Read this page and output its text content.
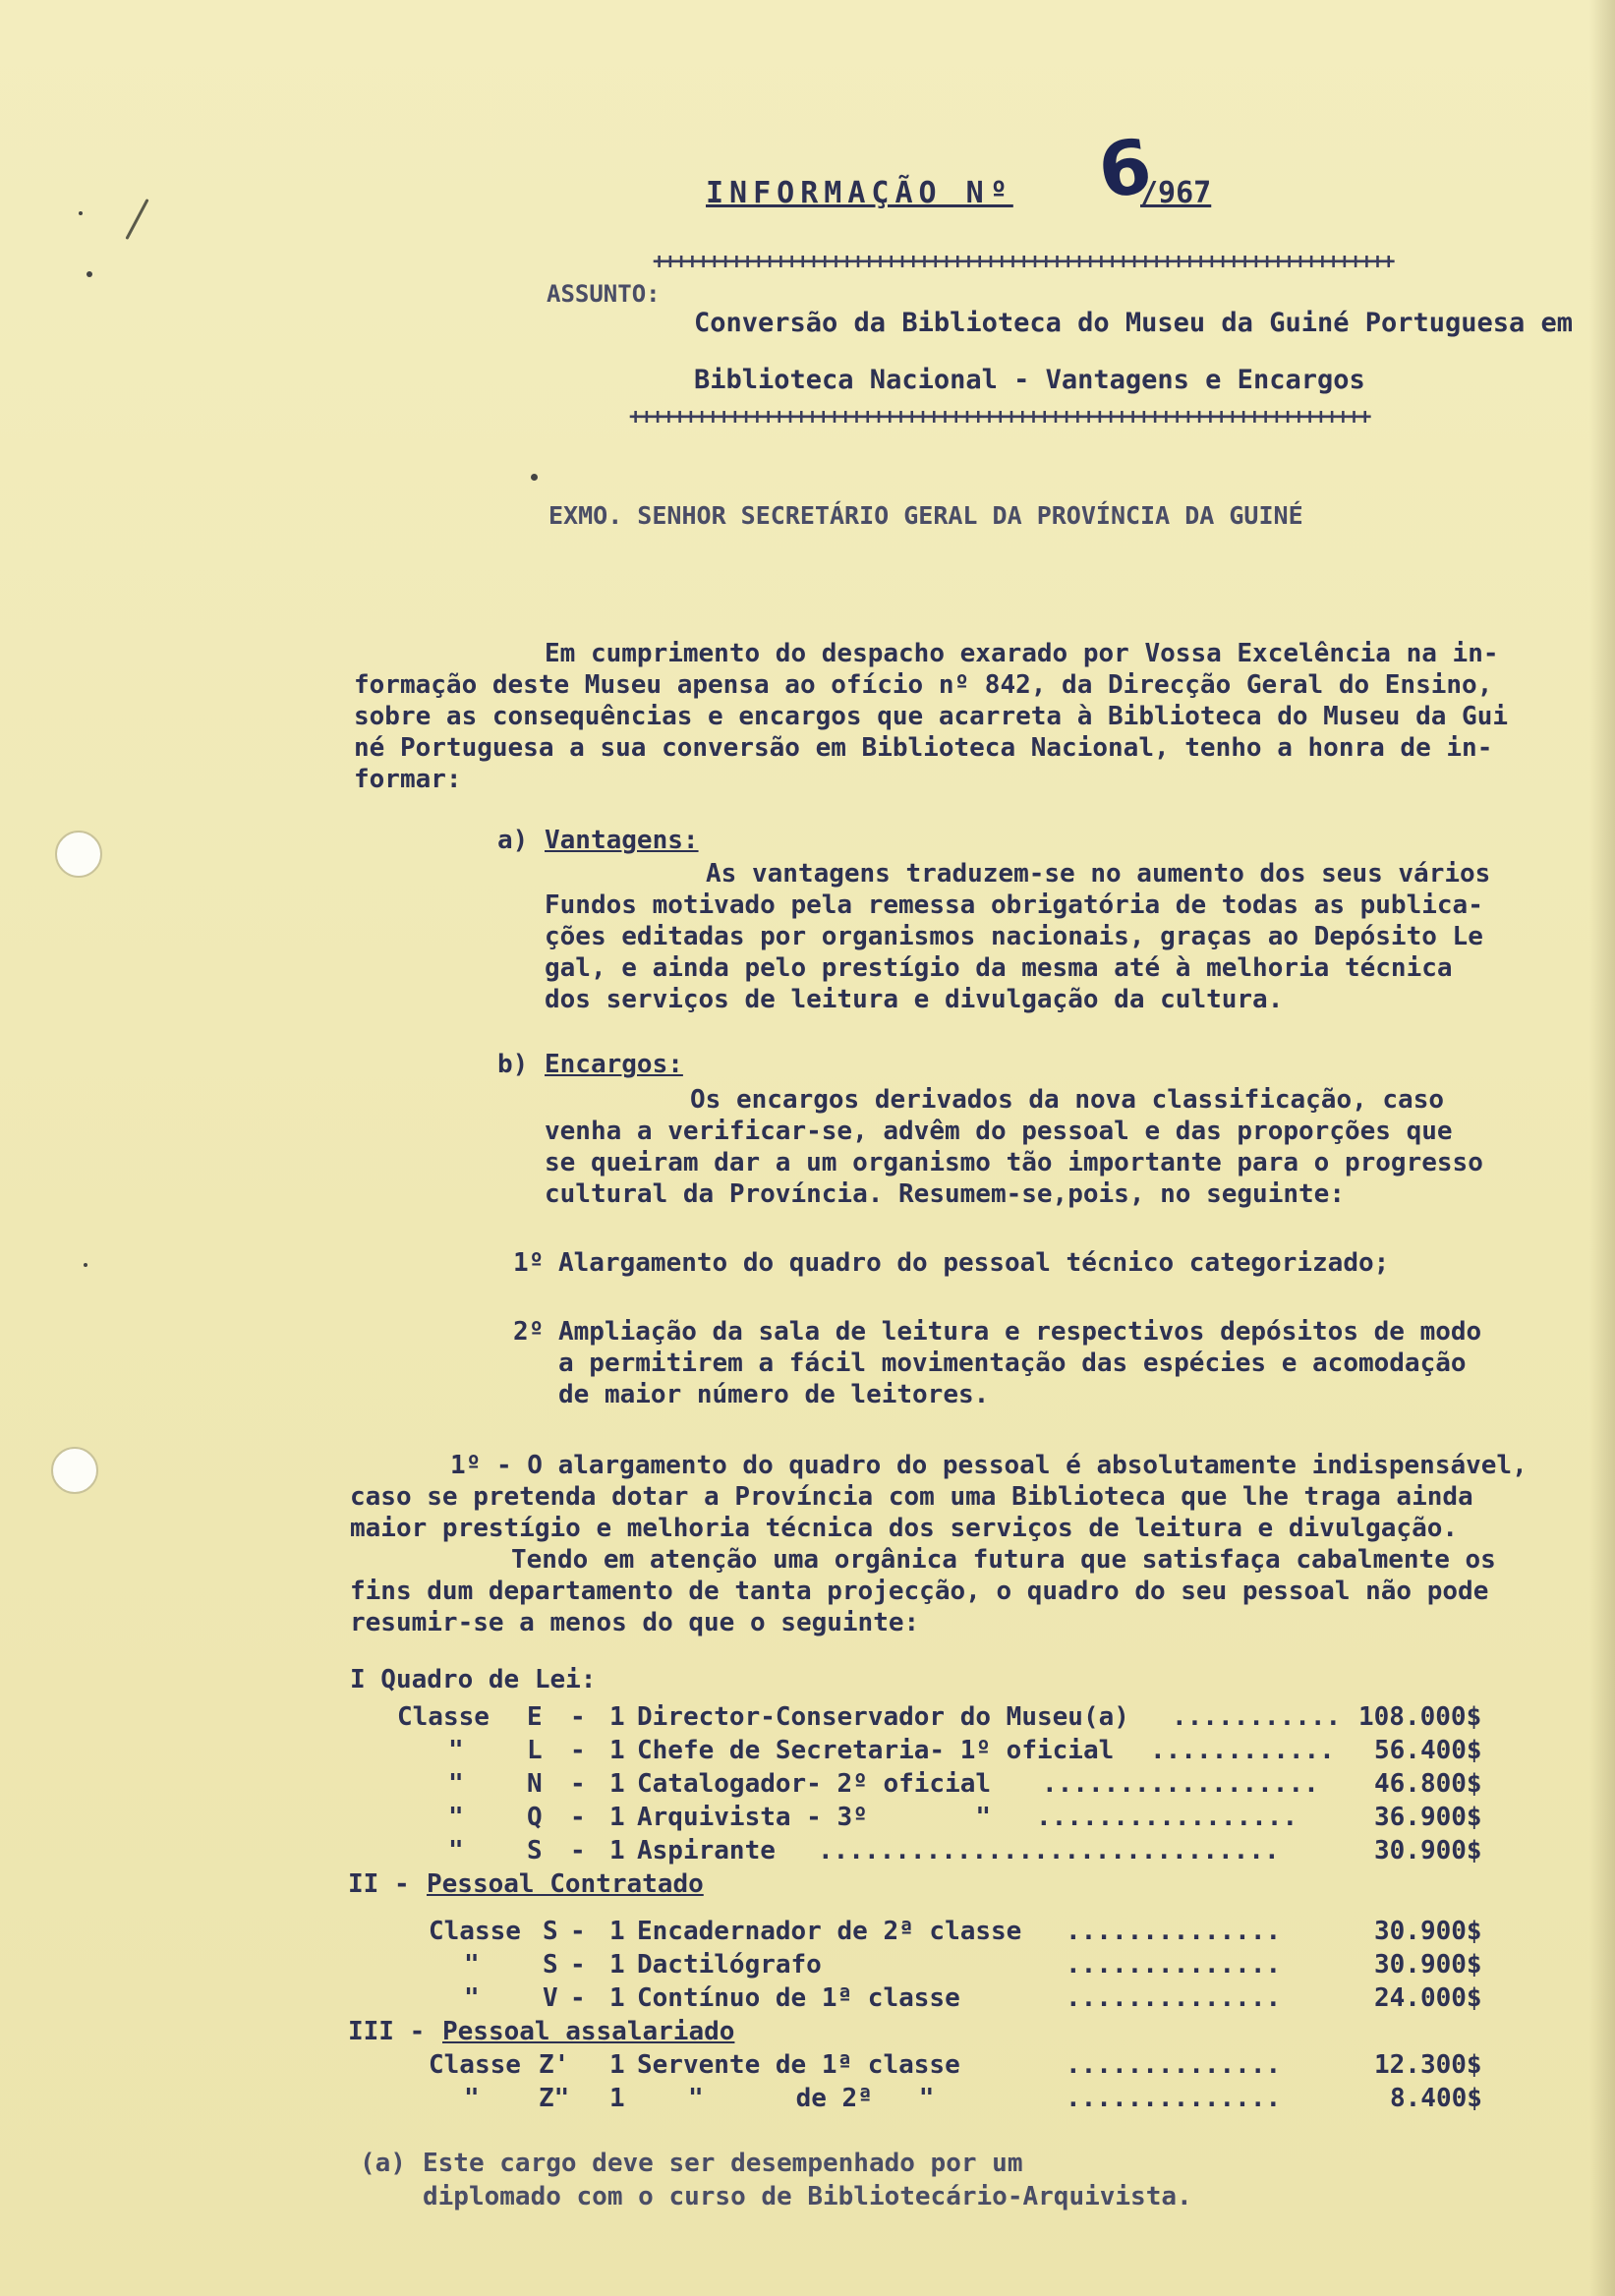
INFORMAÇÃO Nº 6
/967
+++++++++++++++++++++++++++++++++++++++++++++++++++++++++++++++++++
+++++++++++++++++++++++++++++++++++++++++++++++++++++++++++++++++++
ASSUNTO:
Conversão da Biblioteca do Museu da Guiné Portuguesa em
Biblioteca Nacional - Vantagens e Encargos
EXMO. SENHOR SECRETÁRIO GERAL DA PROVÍNCIA DA GUINÉ
Em cumprimento do despacho exarado por Vossa Excelência na in-
formação deste Museu apensa ao ofício nº 842, da Direcção Geral do Ensino,
sobre as consequências e encargos que acarreta à Biblioteca do Museu da Gui
né Portuguesa a sua conversão em Biblioteca Nacional, tenho a honra de in-
formar:
a) Vantagens:
As vantagens traduzem-se no aumento dos seus vários
Fundos motivado pela remessa obrigatória de todas as publica-
ções editadas por organismos nacionais, graças ao Depósito Le
gal, e ainda pelo prestígio da mesma até à melhoria técnica
dos serviços de leitura e divulgação da cultura.
b) Encargos:
Os encargos derivados da nova classificação, caso
venha a verificar-se, advêm do pessoal e das proporções que
se queiram dar a um organismo tão importante para o progresso
cultural da Província. Resumem-se,pois, no seguinte:
1º Alargamento do quadro do pessoal técnico categorizado;
2º Ampliação da sala de leitura e respectivos depósitos de modo
a permitirem a fácil movimentação das espécies e acomodação
de maior número de leitores.
1º - O alargamento do quadro do pessoal é absolutamente indispensável,
caso se pretenda dotar a Província com uma Biblioteca que lhe traga ainda
maior prestígio e melhoria técnica dos serviços de leitura e divulgação.
Tendo em atenção uma orgânica futura que satisfaça cabalmente os
fins dum departamento de tanta projecção, o quadro do seu pessoal não pode
resumir-se a menos do que o seguinte:
I Quadro de Lei:
Classe E - 1 Director-Conservador do Museu(a) ........... 108.000$
" L - 1 Chefe de Secretaria- 1º oficial ............ 56.400$
" N - 1 Catalogador- 2º oficial .................. 46.800$
" Q - 1 Arquivista - 3º       " .................	36.900$
" S - 1 Aspirante ..............................	30.900$
II - Pessoal Contratado
Classe S - 1 Encadernador de 2ª classe ..............	30.900$
" S - 1 Dactilógrafo	..............	30.900$
" V - 1 Contínuo de 1ª classe	..............	24.000$
III - Pessoal assalariado
Classe Z' 1 Servente de 1ª classe	..............	12.300$
" Z" 1 "      de 2ª   "	..............	8.400$
(a) Este cargo deve ser desempenhado por um
diplomado com o curso de Bibliotecário-Arquivista.
